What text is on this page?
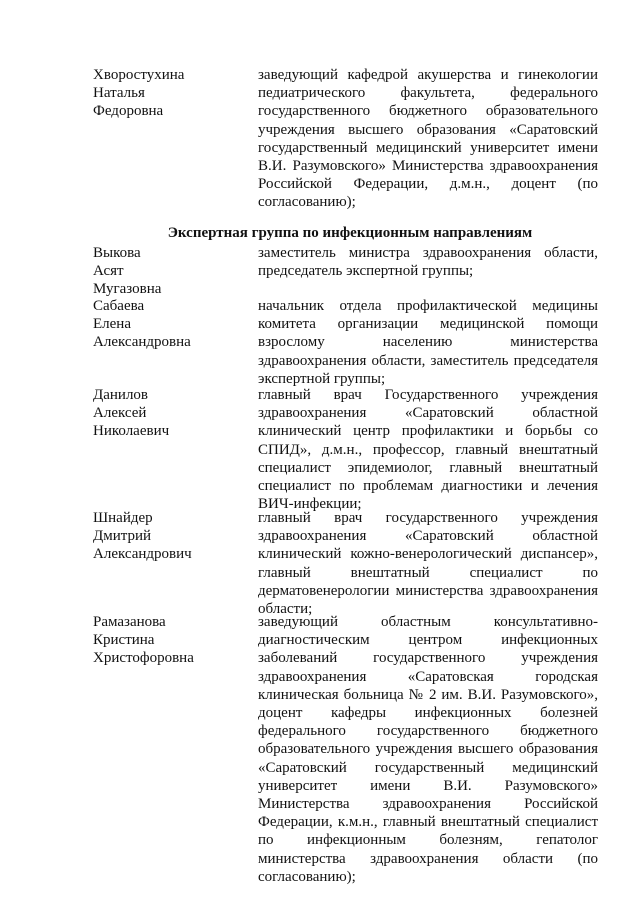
Хворостухина
Наталья
Федоровна
заведующий кафедрой акушерства и гинекологии
педиатрического факультета, федерального
государственного бюджетного образовательного
учреждения высшего образования «Саратовский
государственный медицинский университет имени
В.И. Разумовского» Министерства здравоохранения
Российской Федерации, д.м.н., доцент (по
согласованию);
Экспертная группа по инфекционным направлениям
Выкова
Асят
Мугазовна
заместитель министра здравоохранения области,
председатель экспертной группы;
Сабаева
Елена
Александровна
начальник отдела профилактической медицины
комитета организации медицинской помощи
взрослому населению министерства
здравоохранения области, заместитель председателя
экспертной группы;
Данилов
Алексей
Николаевич
главный врач Государственного учреждения
здравоохранения «Саратовский областной
клинический центр профилактики и борьбы со
СПИД», д.м.н., профессор, главный внештатный
специалист эпидемиолог, главный внештатный
специалист по проблемам диагностики и лечения
ВИЧ-инфекции;
Шнайдер
Дмитрий
Александрович
главный врач государственного учреждения
здравоохранения «Саратовский областной
клинический кожно-венерологический диспансер»,
главный внештатный специалист по
дерматовенерологии министерства здравоохранения
области;
Рамазанова
Кристина
Христофоровна
заведующий областным консультативно-
диагностическим центром инфекционных
заболеваний государственного учреждения
здравоохранения «Саратовская городская
клиническая больница № 2 им. В.И. Разумовского»,
доцент кафедры инфекционных болезней
федерального государственного бюджетного
образовательного учреждения высшего образования
«Саратовский государственный медицинский
университет имени В.И. Разумовского»
Министерства здравоохранения Российской
Федерации, к.м.н., главный внештатный специалист
по инфекционным болезням, гепатолог
министерства здравоохранения области (по
согласованию);
